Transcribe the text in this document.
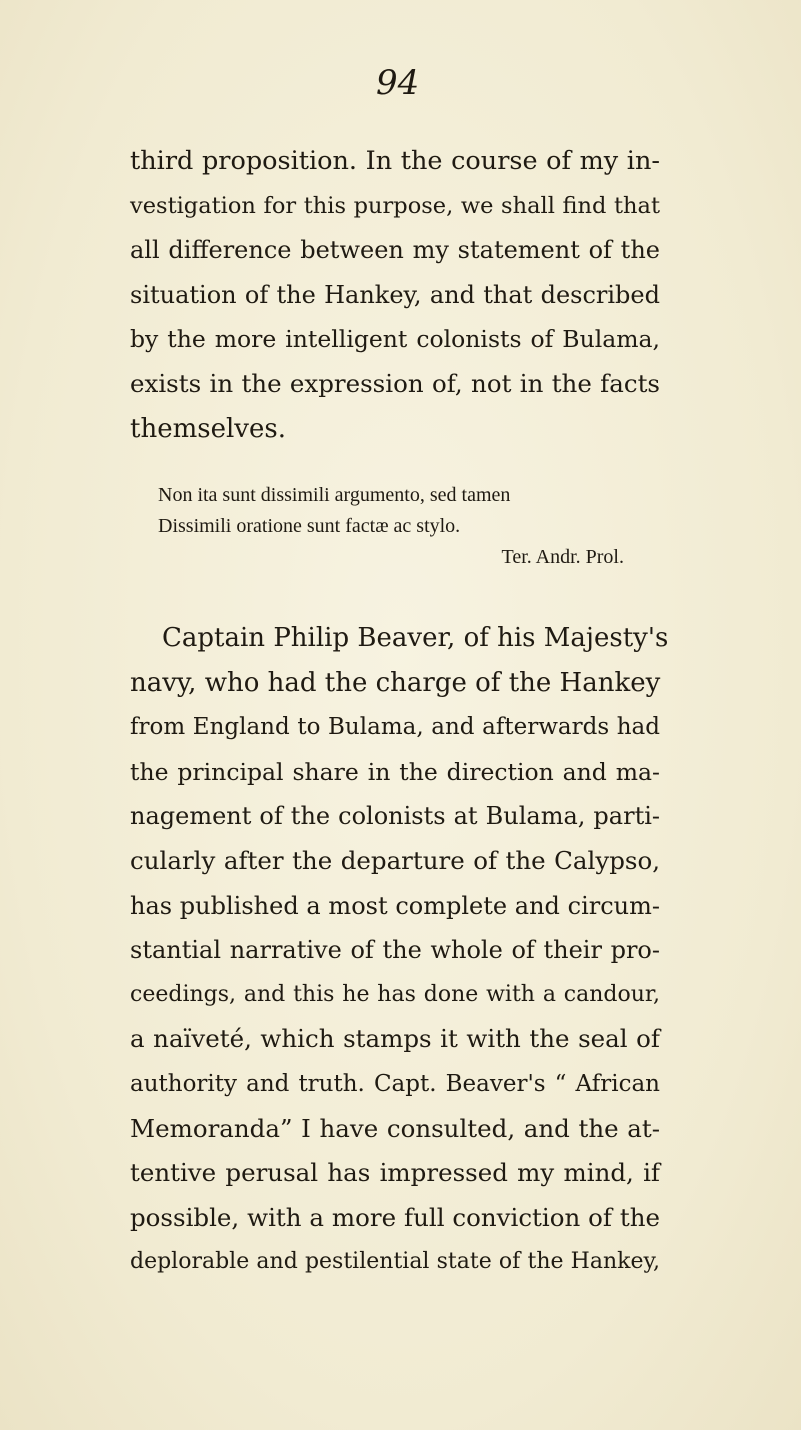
94
third proposition. In the course of my in-
vestigation for this purpose, we shall find that
all difference between my statement of the
situation of the Hankey, and that described
by the more intelligent colonists of Bulama,
exists in the expression of, not in the facts
themselves.
Non ita sunt dissimili argumento, sed tamen
Dissimili oratione sunt factæ ac stylo.
Ter. Andr. Prol.
Captain Philip Beaver, of his Majesty's
navy, who had the charge of the Hankey
from England to Bulama, and afterwards had
the principal share in the direction and ma-
nagement of the colonists at Bulama, parti-
cularly after the departure of the Calypso,
has published a most complete and circum-
stantial narrative of the whole of their pro-
ceedings, and this he has done with a candour,
a naïveté, which stamps it with the seal of
authority and truth. Capt. Beaver's “ African
Memoranda” I have consulted, and the at-
tentive perusal has impressed my mind, if
possible, with a more full conviction of the
deplorable and pestilential state of the Hankey,
